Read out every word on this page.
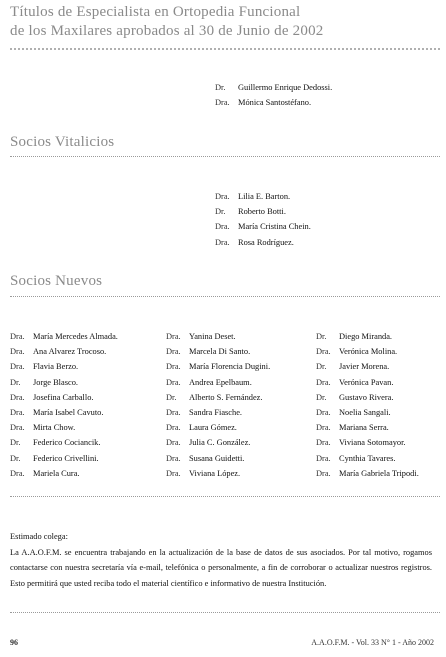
Títulos de Especialista en Ortopedia Funcional
de los Maxilares aprobados al 30 de Junio de 2002
Dr.	Guillermo Enrique Dedossi.
Dra. Mónica Santostéfano.
Socios Vitalicios
Dra. Lilia E. Barton.
Dr.	Roberto Botti.
Dra. María Cristina Chein.
Dra. Rosa Rodríguez.
Socios Nuevos
Dra. María Mercedes Almada.
Dra. Ana Alvarez Trocoso.
Dra. Flavia Berzo.
Dr.	Jorge Blasco.
Dra. Josefina Carballo.
Dra. María Isabel Cavuto.
Dra. Mirta Chow.
Dr.	Federico Cociancik.
Dr.	Federico Crivellini.
Dra. Mariela Cura.
Dra. Yanina Deset.
Dra. Marcela Di Santo.
Dra. María Florencia Dugini.
Dra. Andrea Epelbaum.
Dr.	Alberto S. Fernández.
Dra. Sandra Fiasche.
Dra. Laura Gómez.
Dra. Julia C. González.
Dra. Susana Guidetti.
Dra. Viviana López.
Dr.	Diego Miranda.
Dra. Verónica Molina.
Dr.	Javier Morena.
Dra. Verónica Pavan.
Dr.	Gustavo Rivera.
Dra. Noelia Sangali.
Dra. Mariana Serra.
Dra. Viviana Sotomayor.
Dra. Cynthia Tavares.
Dra. María Gabriela Tripodi.
Estimado colega:
La A.A.O.F.M. se encuentra trabajando en la actualización de la base de datos de sus asociados. Por tal motivo, rogamos contactarse con nuestra secretaría vía e-mail, telefónica o personalmente, a fin de corroborar o actualizar nuestros registros. Esto permitirá que usted reciba todo el material científico e informativo de nuestra Institución.
96	A.A.O.F.M. - Vol. 33 N° 1 - Año 2002
